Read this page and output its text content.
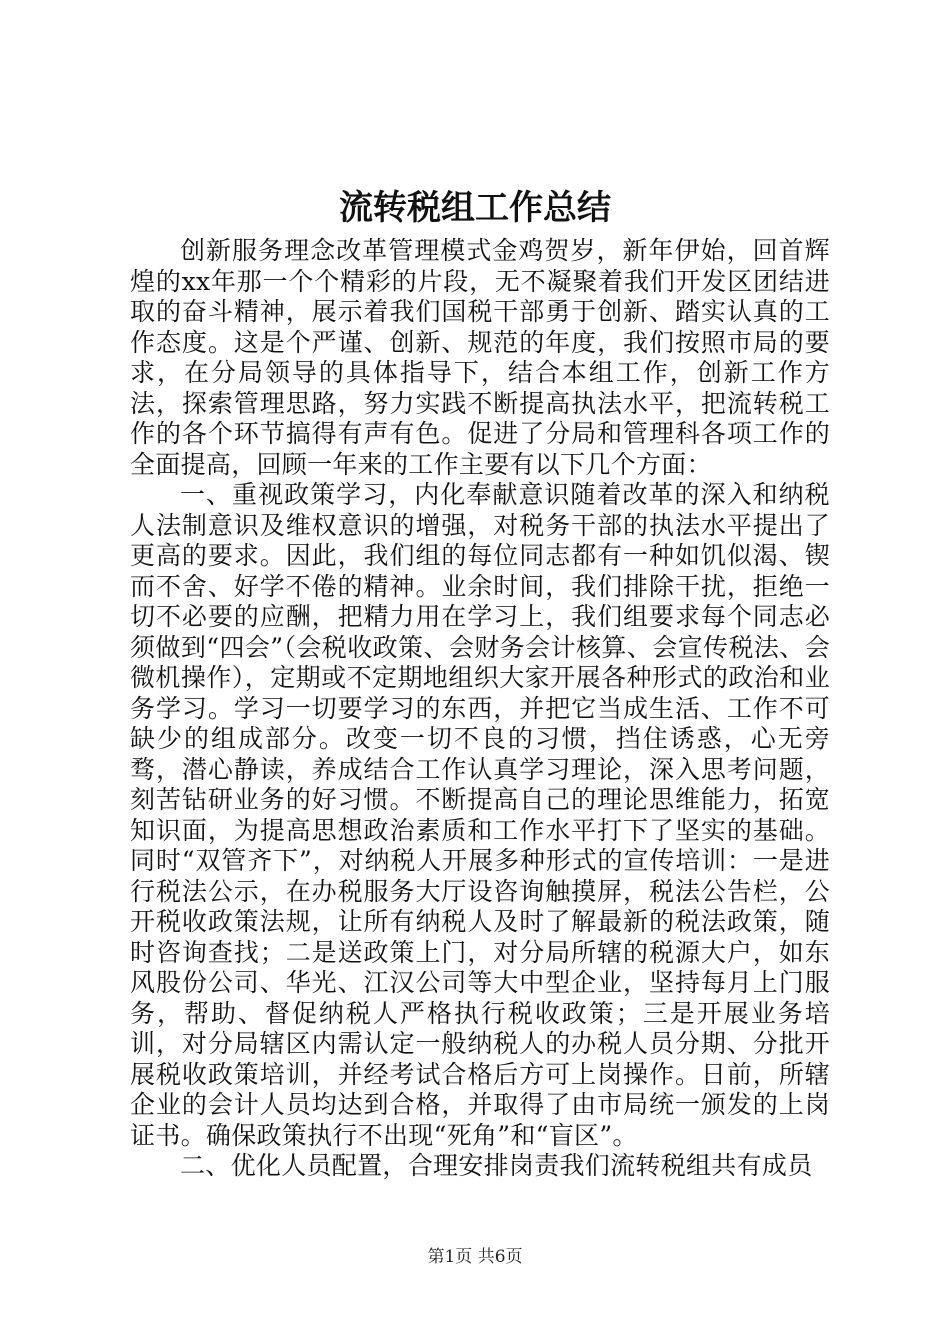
流转税组工作总结

创新服务理念改革管理模式金鸡贺岁，新年伊始，回首辉煌的xx年那一个个精彩的片段，无不凝聚着我们开发区团结进取的奋斗精神，展示着我们国税干部勇于创新、踏实认真的工作态度。这是个严谨、创新、规范的年度，我们按照市局的要求，在分局领导的具体指导下，结合本组工作，创新工作方法，探索管理思路，努力实践不断提高执法水平，把流转税工作的各个环节搞得有声有色。促进了分局和管理科各项工作的全面提高，回顾一年来的工作主要有以下几个方面：

一、重视政策学习，内化奉献意识随着改革的深入和纳税人法制意识及维权意识的增强，对税务干部的执法水平提出了更高的要求。因此，我们组的每位同志都有一种如饥似渴、锲而不舍、好学不倦的精神。业余时间，我们排除干扰，拒绝一切不必要的应酬，把精力用在学习上，我们组要求每个同志必须做到“四会”（会税收政策、会财务会计核算、会宣传税法、会微机操作），定期或不定期地组织大家开展各种形式的政治和业务学习。学习一切要学习的东西，并把它当成生活、工作不可缺少的组成部分。改变一切不良的习惯，挡住诱惑，心无旁骛，潜心静读，养成结合工作认真学习理论，深入思考问题，刻苦钻研业务的好习惯。不断提高自己的理论思维能力，拓宽知识面，为提高思想政治素质和工作水平打下了坚实的基础。同时“双管齐下”，对纳税人开展多种形式的宣传培训：一是进行税法公示，在办税服务大厅设咨询触摸屏，税法公告栏，公开税收政策法规，让所有纳税人及时了解最新的税法政策，随时咨询查找；二是送政策上门，对分局所辖的税源大户，如东风股份公司、华光、江汉公司等大中型企业，坚持每月上门服务，帮助、督促纳税人严格执行税收政策；三是开展业务培训，对分局辖区内需认定一般纳税人的办税人员分期、分批开展税收政策培训，并经考试合格后方可上岗操作。日前，所辖企业的会计人员均达到合格，并取得了由市局统一颁发的上岗证书。确保政策执行不出现“死角”和“盲区”。

二、优化人员配置，合理安排岗责我们流转税组共有成员

第1页 共6页
